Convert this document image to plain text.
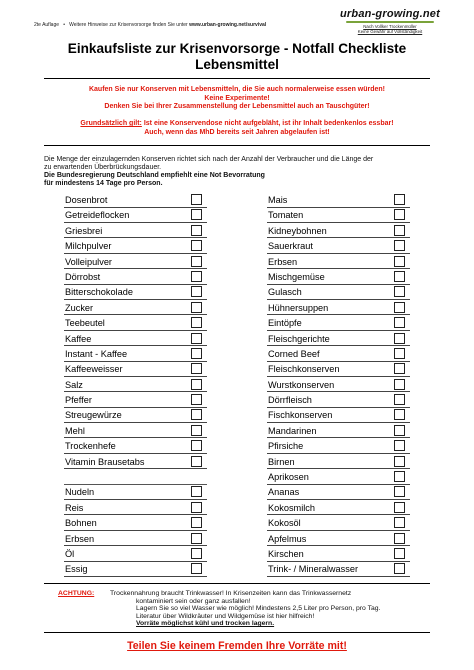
2te Auflage   •   Weitere Hinweise zur Krisenvorsorge finden Sie unter www.urban-growing.net/survival
urban-growing.net
Nach Vollker Trockenmüller
Keine Gewähr auf Vollständigkeit
Einkaufsliste zur Krisenvorsorge - Notfall Checkliste
Lebensmittel
Kaufen Sie nur Konserven mit Lebensmitteln, die Sie auch normalerweise essen würden!
Keine Experimente!
Denken Sie bei Ihrer Zusammenstellung der Lebensmittel auch an Tauschgüter!
Grundsätzlich gilt: Ist eine Konservendose nicht aufgebläht, ist ihr Inhalt bedenkenlos essbar!
Auch, wenn das MhD bereits seit Jahren abgelaufen ist!
Die Menge der einzulagernden Konserven richtet sich nach der Anzahl der Verbraucher und die Länge der
zu erwartenden Überbrückungsdauer.
Die Bundesregierung Deutschland empfiehlt eine Not Bevorratung
für mindestens 14 Tage pro Person.
Dosenbrot
Getreideflocken
Griesbrei
Milchpulver
Volleipulver
Dörrobst
Bitterschokolade
Zucker
Teebeutel
Kaffee
Instant - Kaffee
Kaffeeweisser
Salz
Pfeffer
Streugewürze
Mehl
Trockenhefe
Vitamin Brausetabs
Nudeln
Reis
Bohnen
Erbsen
Öl
Essig
Mais
Tomaten
Kidneybohnen
Sauerkraut
Erbsen
Mischgemüse
Gulasch
Hühnersuppen
Eintöpfe
Fleischgerichte
Corned Beef
Fleischkonserven
Wurstkonserven
Dörrfleisch
Fischkonserven
Mandarinen
Pfirsiche
Birnen
Aprikosen
Ananas
Kokosmilch
Kokosöl
Apfelmus
Kirschen
Trink- / Mineralwasser
ACHTUNG: Trockennahrung braucht Trinkwasser! In Krisenzeiten kann das Trinkwassernetz
kontaminiert sein oder ganz ausfallen!
Lagern Sie so viel Wasser wie möglich! Mindestens 2,5 Liter pro Person, pro Tag.
Literatur über Wildkräuter und Wildgemüse ist hier hilfreich!
Vorräte möglichst kühl und trocken lagern.
Teilen Sie keinem Fremden Ihre Vorräte mit!
